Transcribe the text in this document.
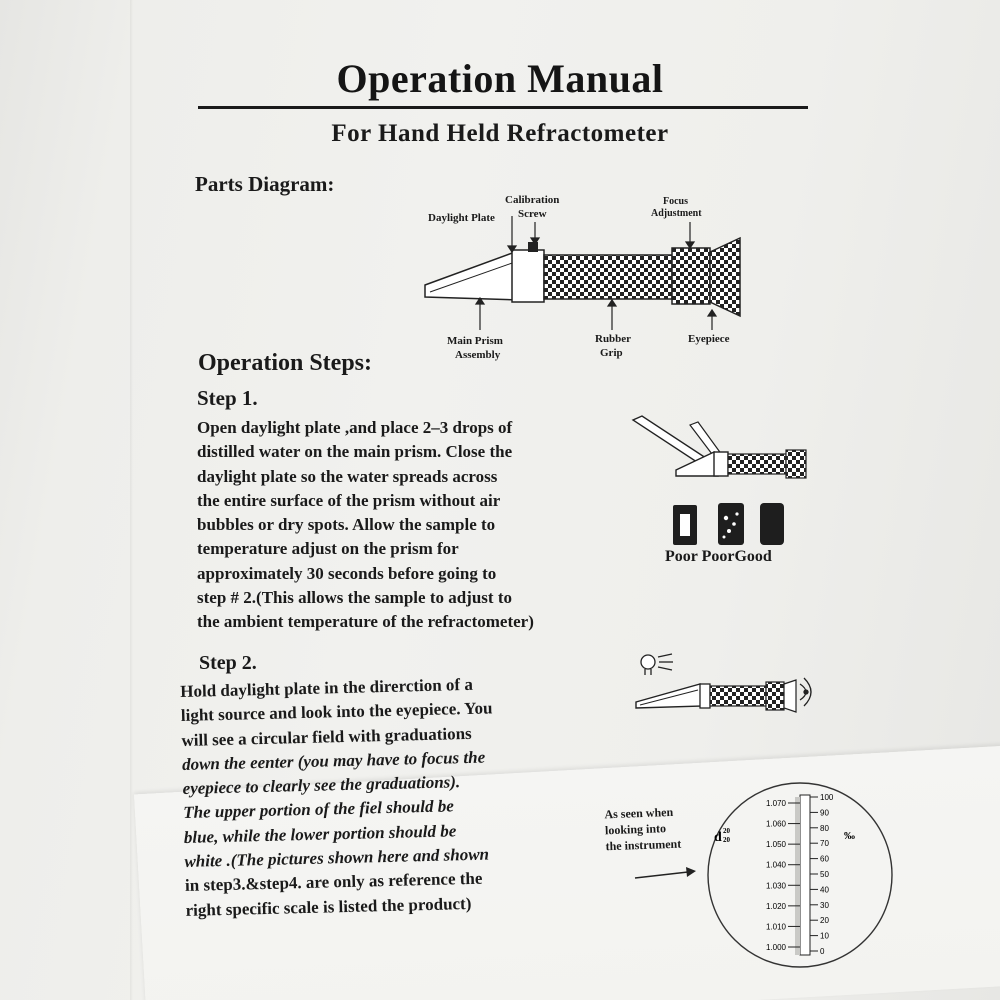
Operation Manual
For Hand Held Refractometer
Parts Diagram:
Daylight Plate
Calibration
Screw
Focus
Adjustment
Main Prism
Assembly
Rubber
Grip
Eyepiece
Operation Steps:
Step 1.
Open daylight plate ,and place 2–3 drops of
distilled water on the main prism. Close the
daylight plate so the water spreads across
the entire surface of the prism without air
bubbles or dry spots. Allow the sample to
temperature adjust on the prism for
approximately 30 seconds before going to
step # 2.(This allows the sample to adjust to
the ambient temperature of the refractometer)
Poor PoorGood
Step 2.
Hold daylight plate in the direrction of a
light source and look into the eyepiece. You
will see a circular field with graduations
down the eenter (you may have to focus the
eyepiece to clearly see the graduations).
The upper portion of the fiel should be
blue, while the lower portion should be
white .(The pictures shown here and shown
in step3.&step4. are only as reference the
right specific scale is listed the product)
As seen when
looking into
the instrument
1.070
1.060
1.050
1.040
1.030
1.020
1.010
1.000
100
90
80
70
60
50
40
30
20
10
0
d 20
20	‰
